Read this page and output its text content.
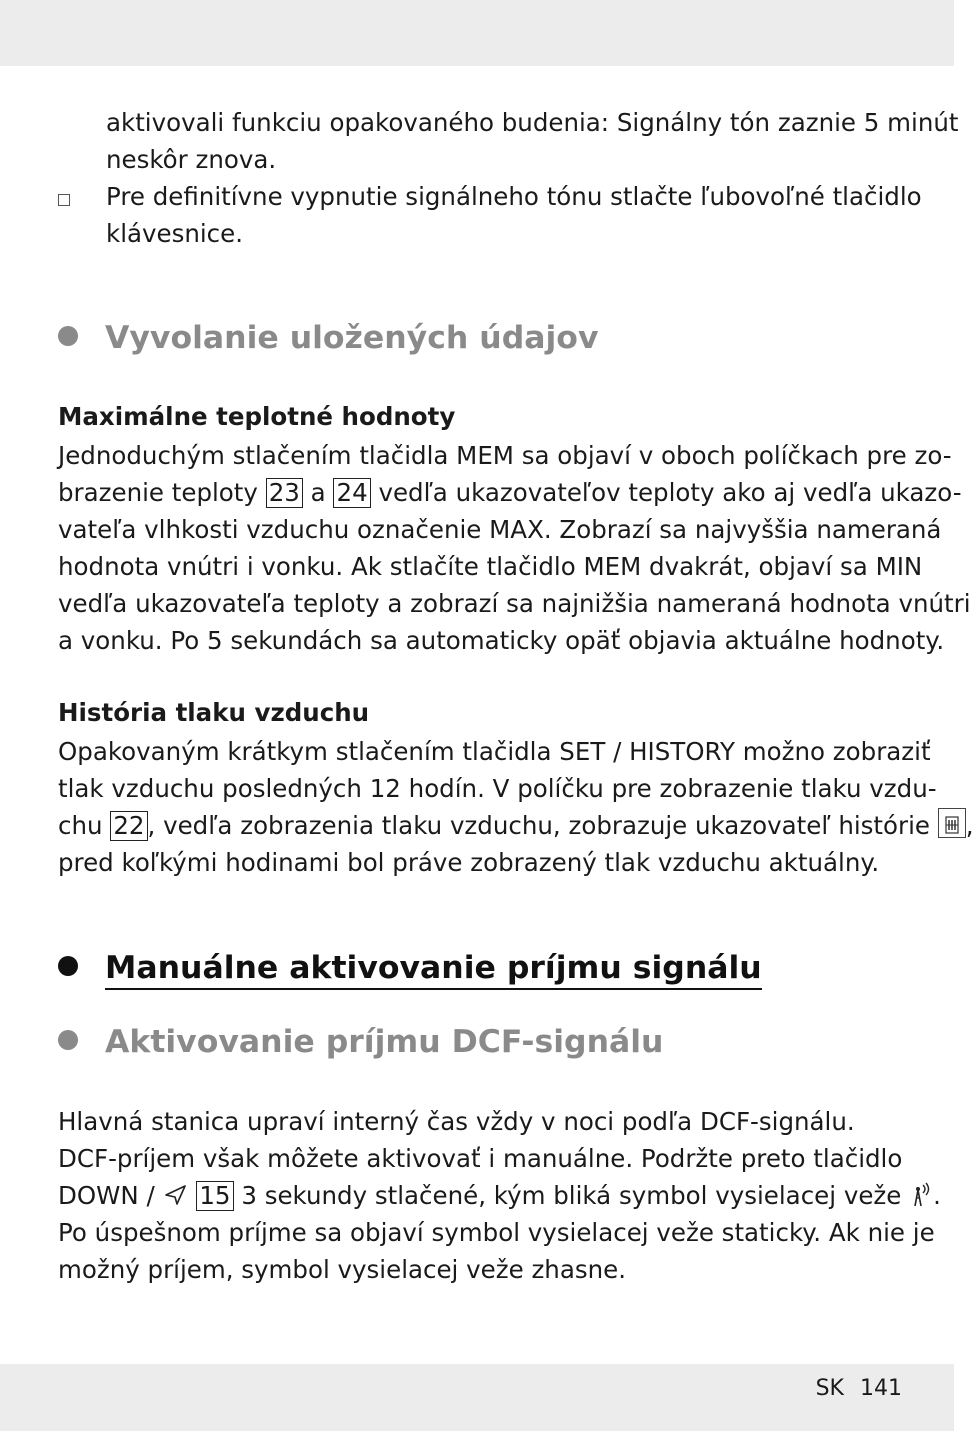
aktivovali funkciu opakovaného budenia: Signálny tón zaznie 5 minút
neskôr znova.
Pre definitívne vypnutie signálneho tónu stlačte ľubovoľné tlačidlo
klávesnice.
Vyvolanie uložených údajov
Maximálne teplotné hodnoty
Jednoduchým stlačením tlačidla MEM sa objaví v oboch políčkach pre zo-
brazenie teploty 23 a 24 vedľa ukazovateľov teploty ako aj vedľa ukazo-
vateľa vlhkosti vzduchu označenie MAX. Zobrazí sa najvyššia nameraná
hodnota vnútri i vonku. Ak stlačíte tlačidlo MEM dvakrát, objaví sa MIN
vedľa ukazovateľa teploty a zobrazí sa najnižšia nameraná hodnota vnútri
a vonku. Po 5 sekundách sa automaticky opäť objavia aktuálne hodnoty.
História tlaku vzduchu
Opakovaným krátkym stlačením tlačidla SET / HISTORY možno zobraziť
tlak vzduchu posledných 12 hodín. V políčku pre zobrazenie tlaku vzdu-
chu 22 , vedľa zobrazenia tlaku vzduchu, zobrazuje ukazovateľ histórie
,
pred koľkými hodinami bol práve zobrazený tlak vzduchu aktuálny.
Manuálne aktivovanie príjmu signálu
Aktivovanie príjmu DCF-signálu
Hlavná stanica upraví interný čas vždy v noci podľa DCF-signálu.
DCF-príjem však môžete aktivovať i manuálne. Podržte preto tlačidlo
DOWN /  15 3 sekundy stlačené, kým bliká symbol vysielacej veže .
Po úspešnom príjme sa objaví symbol vysielacej veže staticky. Ak nie je
možný príjem, symbol vysielacej veže zhasne.
SK 141
